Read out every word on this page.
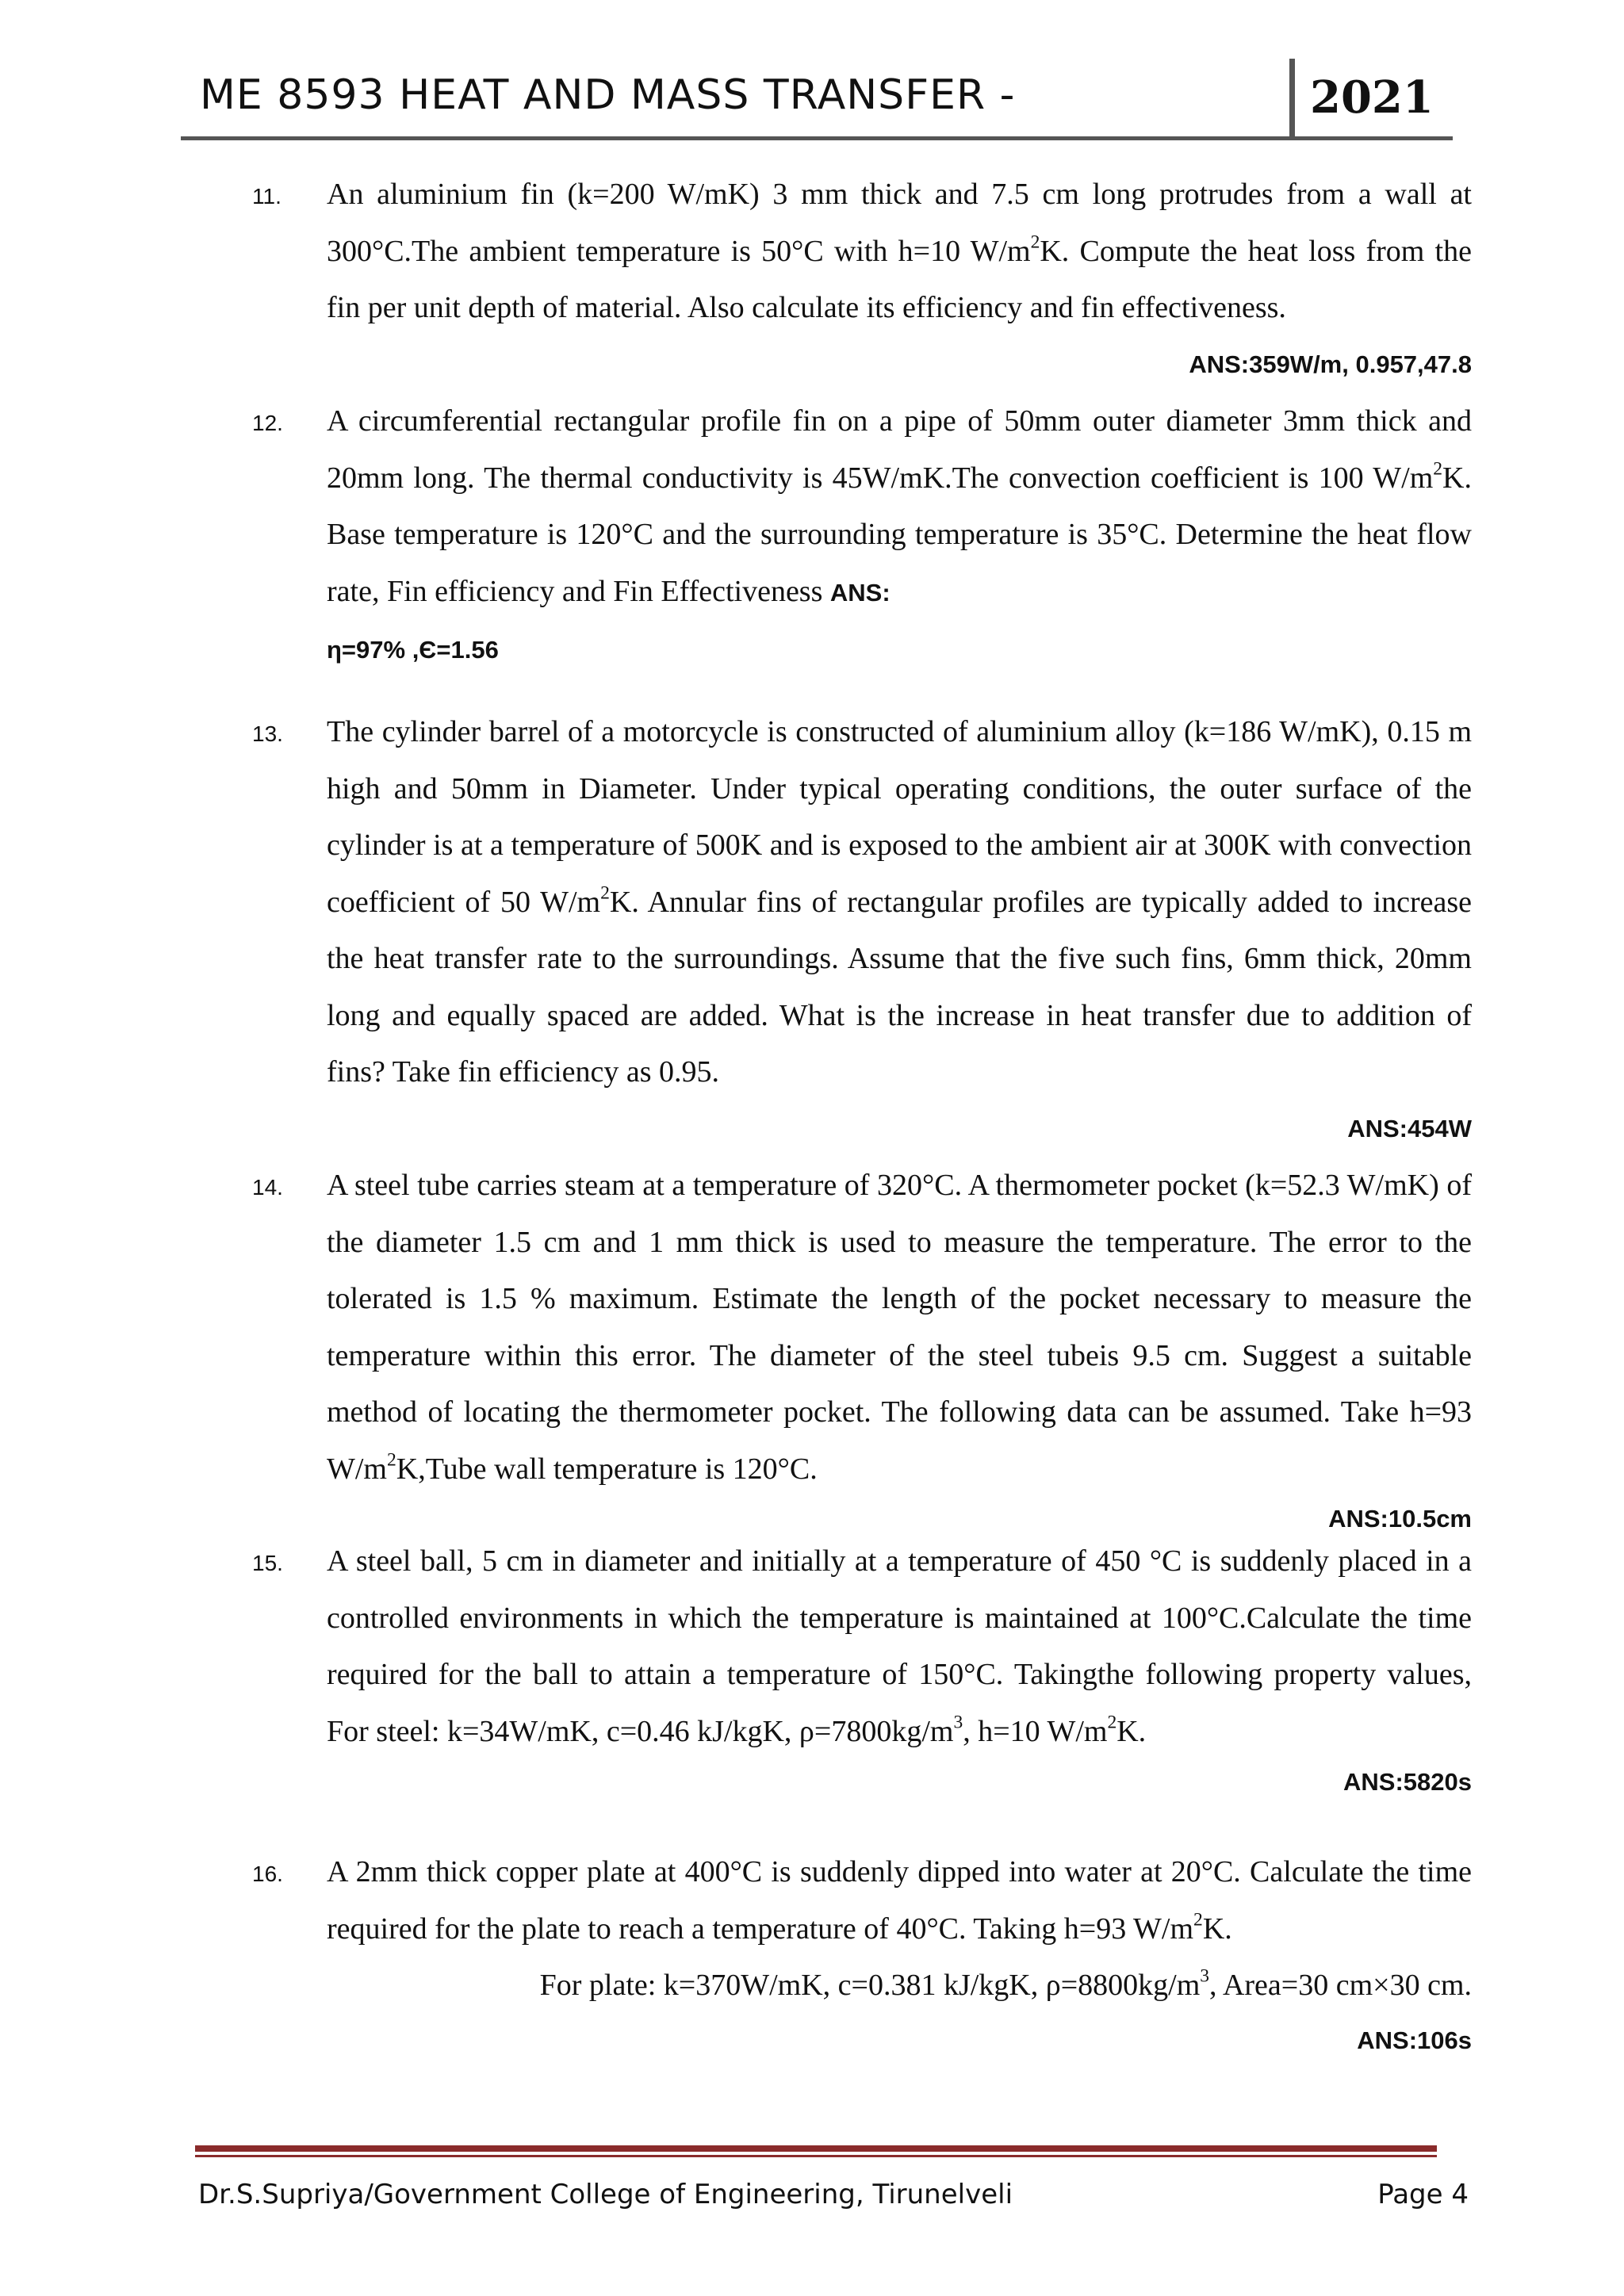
ME 8593 HEAT AND MASS TRANSFER -	2021
11. An aluminium fin (k=200 W/mK) 3 mm thick and 7.5 cm long protrudes from a wall at 300°C.The ambient temperature is 50°C with h=10 $W/m^2K$. Compute the heat loss from the fin per unit depth of material. Also calculate its efficiency and fin effectiveness.
ANS:359W/m, 0.957,47.8
12. A circumferential rectangular profile fin on a pipe of 50mm outer diameter 3mm thick and 20mm long. The thermal conductivity is 45W/mK.The convection coefficient is 100 $W/m^2K$. Base temperature is 120°C and the surrounding temperature is 35°C. Determine the heat flow rate, Fin efficiency and Fin Effectiveness ANS:
η=97% ,Є=1.56
13. The cylinder barrel of a motorcycle is constructed of aluminium alloy (k=186 W/mK), 0.15 m high and 50mm in Diameter. Under typical operating conditions, the outer surface of the cylinder is at a temperature of 500K and is exposed to the ambient air at 300K with convection coefficient of 50 $W/m^2K$. Annular fins of rectangular profiles are typically added to increase the heat transfer rate to the surroundings. Assume that the five such fins, 6mm thick, 20mm long and equally spaced are added. What is the increase in heat transfer due to addition of fins? Take fin efficiency as 0.95.
ANS:454W
14. A steel tube carries steam at a temperature of 320°C. A thermometer pocket (k=52.3 W/mK) of the diameter 1.5 cm and 1 mm thick is used to measure the temperature. The error to the tolerated is 1.5 % maximum. Estimate the length of the pocket necessary to measure the temperature within this error. The diameter of the steel tubeis 9.5 cm. Suggest a suitable method of locating the thermometer pocket. The following data can be assumed. Take h=93 $W/m^2K,Tube$ wall temperature is 120°C.
ANS:10.5cm
15. A steel ball, 5 cm in diameter and initially at a temperature of 450 °C is suddenly placed in a controlled environments in which the temperature is maintained at 100°C.Calculate the time required for the ball to attain a temperature of 150°C. Takingthe following property values, For steel: k=34W/mK, c=0.46 kJ/kgK, $\rho=7800kg/m^3$, h=10 $W/m^2K$.
ANS:5820s
16. A 2mm thick copper plate at 400°C is suddenly dipped into water at 20°C. Calculate the time required for the plate to reach a temperature of 40°C. Taking h=93 $W/m^2K$.
For plate: k=370W/mK, c=0.381 kJ/kgK, $\rho=8800kg/m^3$, Area=30 cm×30 cm.
ANS:106s
Dr.S.Supriya/Government College of Engineering, Tirunelveli	Page 4
